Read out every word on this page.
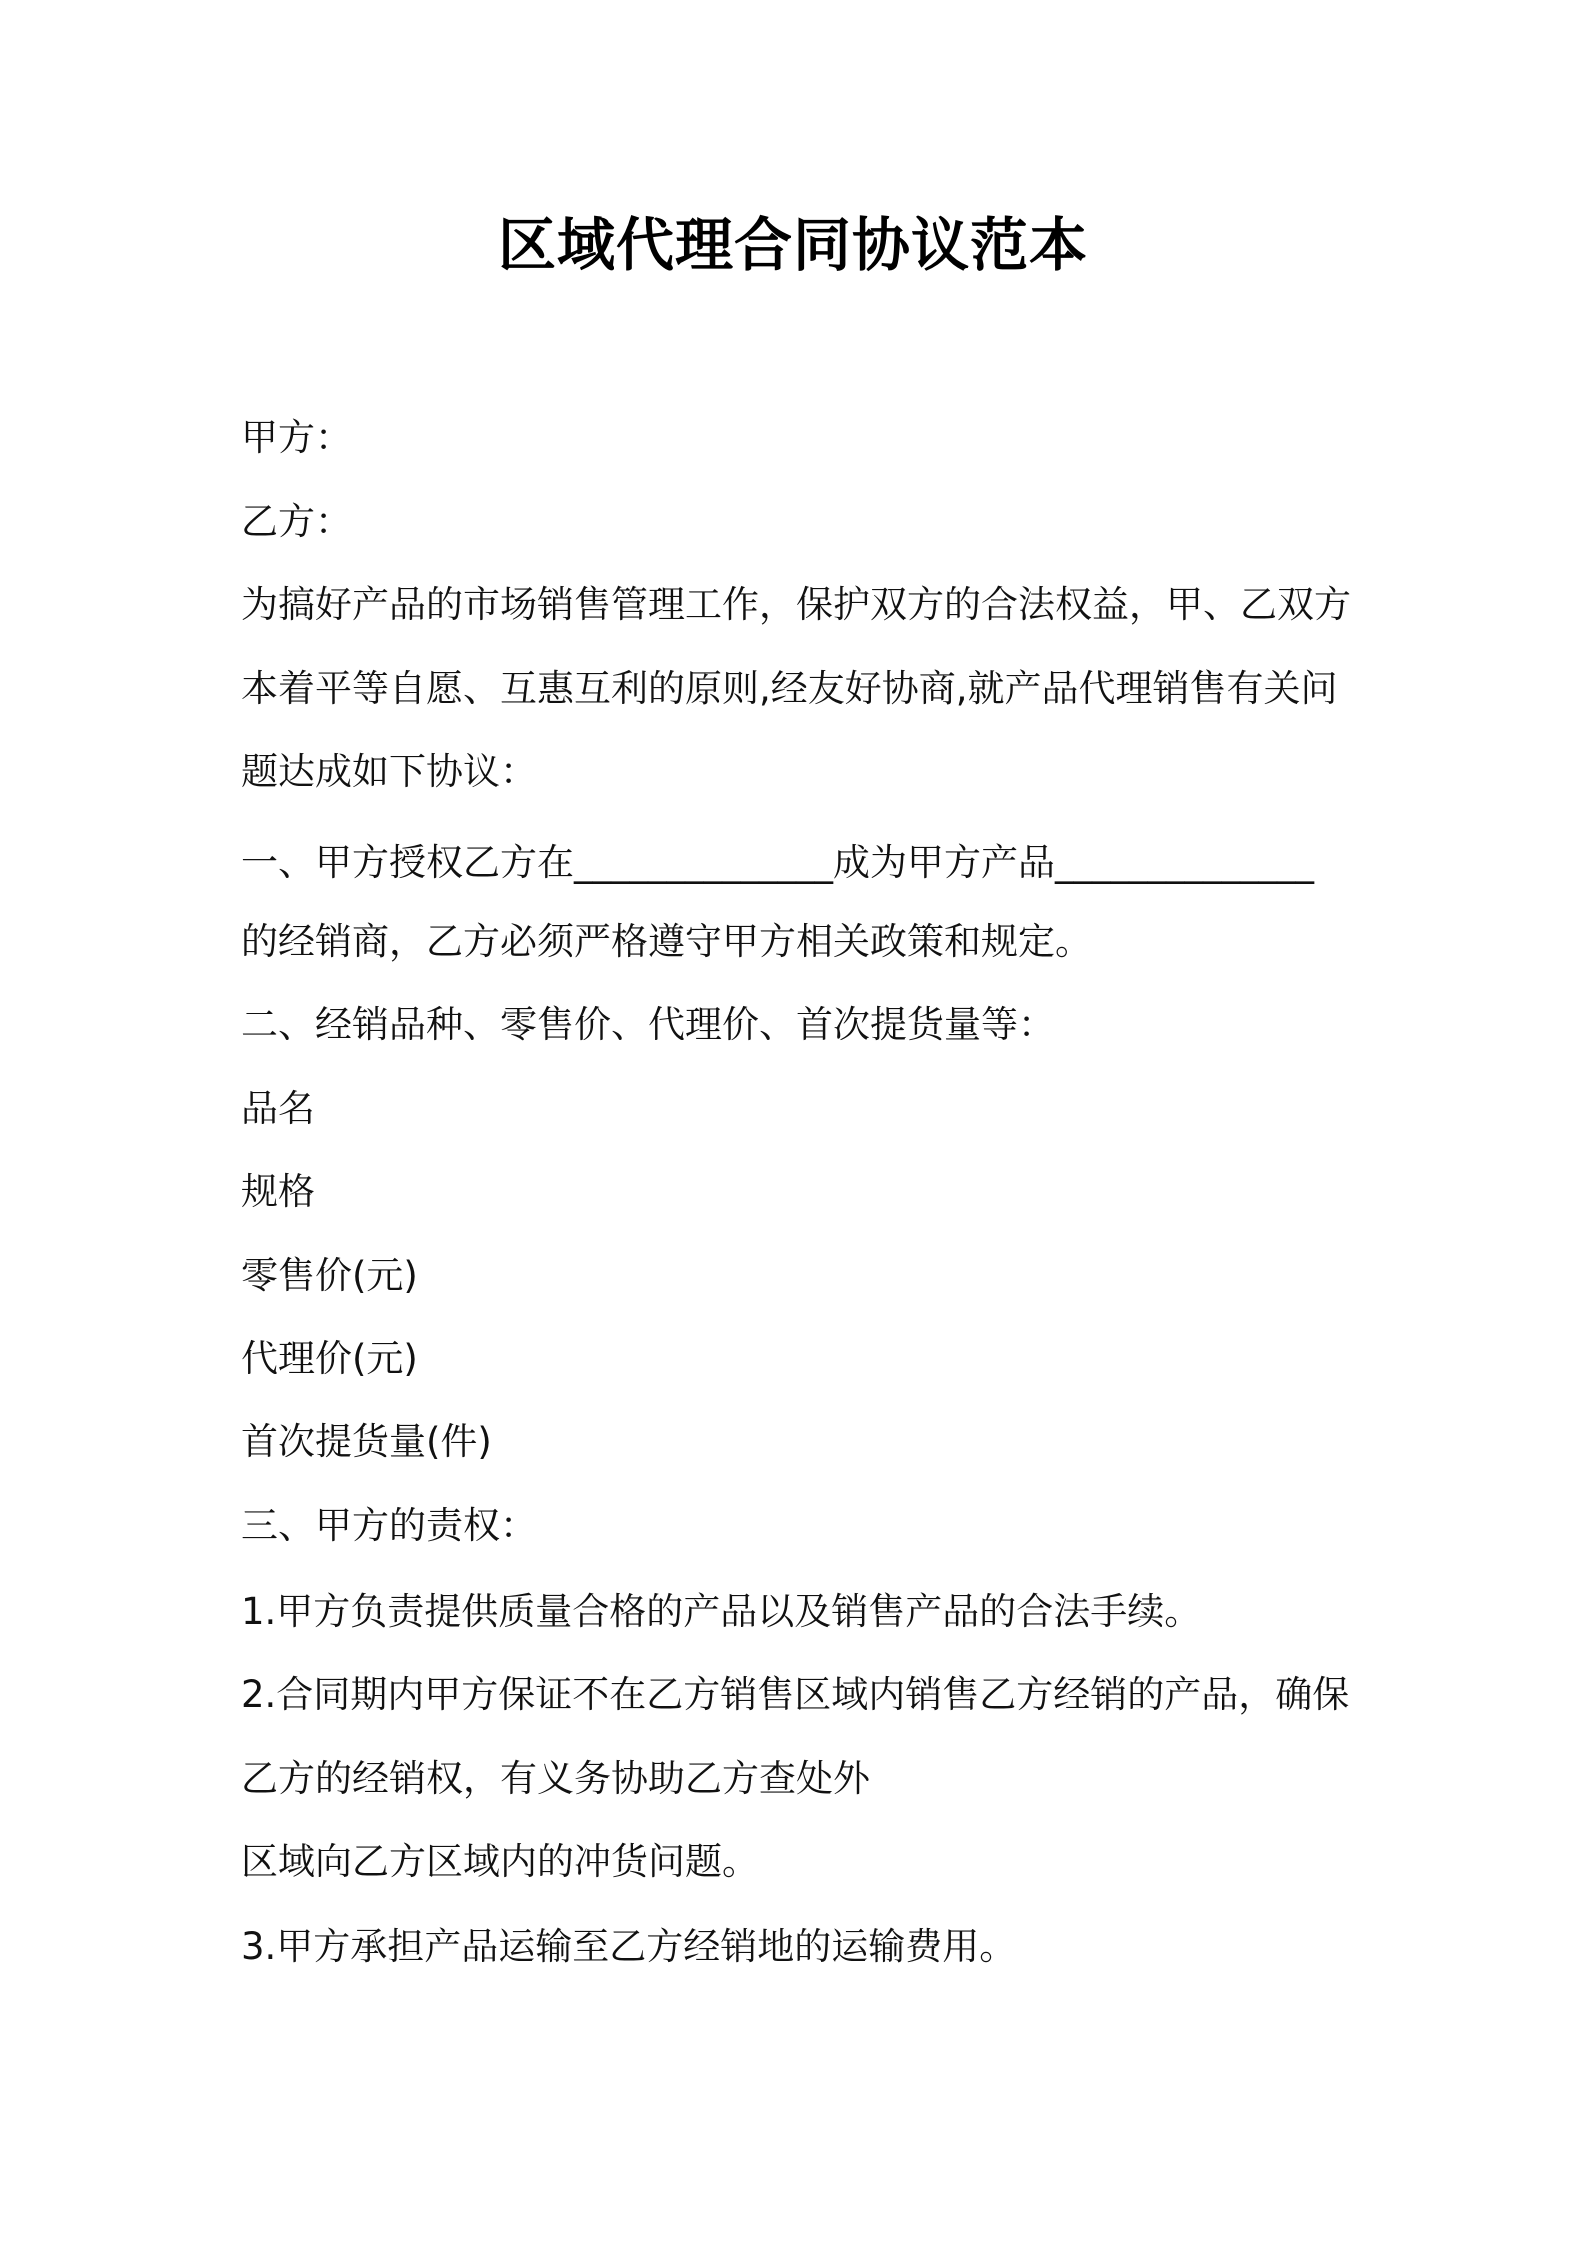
区域代理合同协议范本
甲方：
乙方：
为搞好产品的市场销售管理工作，保护双方的合法权益，甲、乙双方
本着平等自愿、互惠互利的原则,经友好协商,就产品代理销售有关问
题达成如下协议：
一、甲方授权乙方在______________成为甲方产品______________
的经销商，乙方必须严格遵守甲方相关政策和规定。
二、经销品种、零售价、代理价、首次提货量等：
品名
规格
零售价(元)
代理价(元)
首次提货量(件)
三、甲方的责权：
1.甲方负责提供质量合格的产品以及销售产品的合法手续。
2.合同期内甲方保证不在乙方销售区域内销售乙方经销的产品，确保
乙方的经销权，有义务协助乙方查处外
区域向乙方区域内的冲货问题。
3.甲方承担产品运输至乙方经销地的运输费用。
